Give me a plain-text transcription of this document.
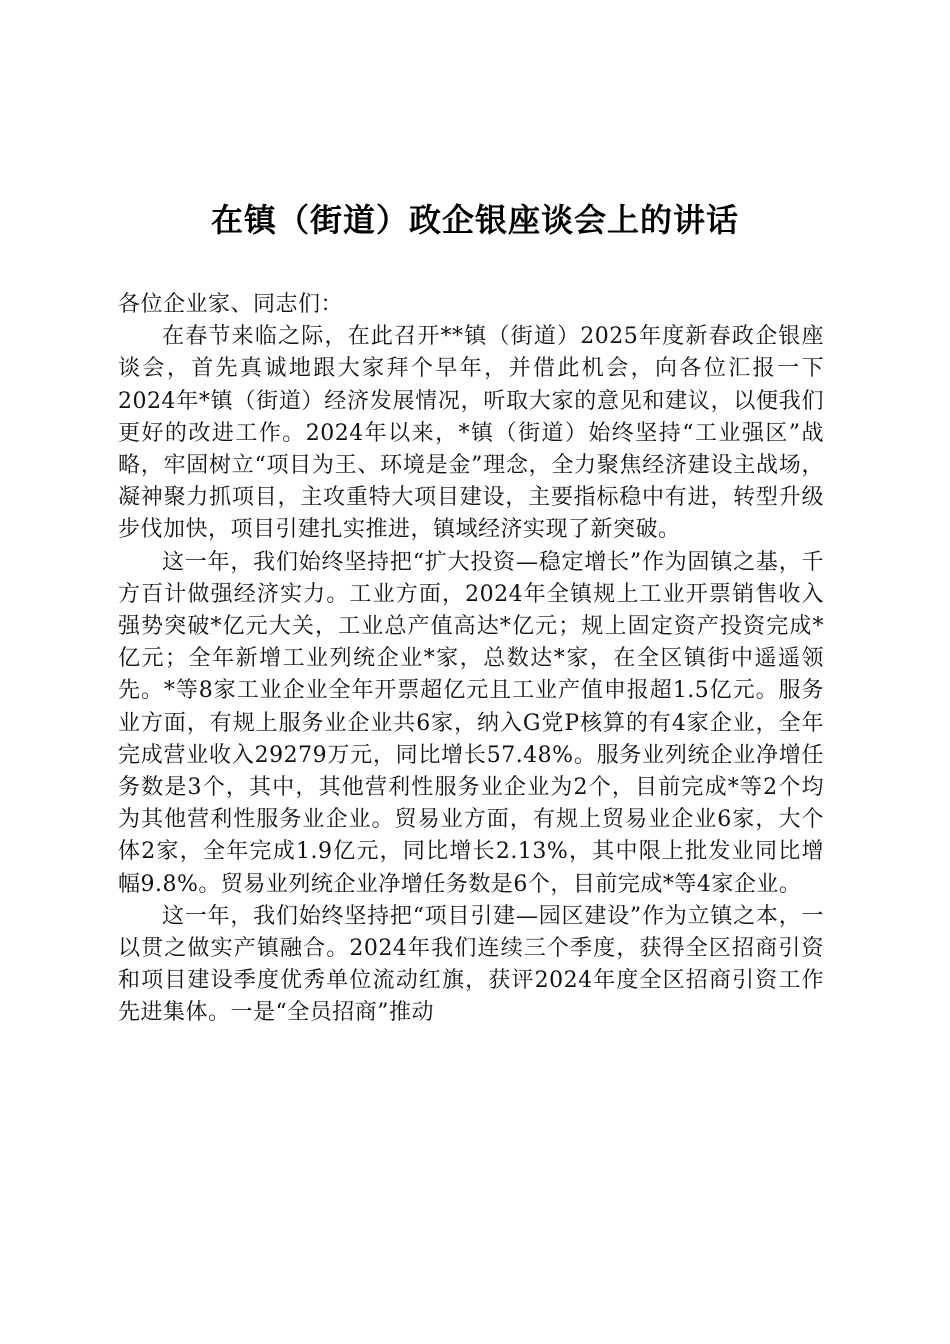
在镇（街道）政企银座谈会上的讲话

各位企业家、同志们：

在春节来临之际，在此召开**镇（街道）2025年度新春政企银座谈会，首先真诚地跟大家拜个早年，并借此机会，向各位汇报一下2024年*镇（街道）经济发展情况，听取大家的意见和建议，以便我们更好的改进工作。2024年以来，*镇（街道）始终坚持“工业强区”战略，牢固树立“项目为王、环境是金”理念，全力聚焦经济建设主战场，凝神聚力抓项目，主攻重特大项目建设，主要指标稳中有进，转型升级步伐加快，项目引建扎实推进，镇域经济实现了新突破。

这一年，我们始终坚持把“扩大投资—稳定增长”作为固镇之基，千方百计做强经济实力。工业方面，2024年全镇规上工业开票销售收入强势突破*亿元大关，工业总产值高达*亿元；规上固定资产投资完成*亿元；全年新增工业列统企业*家，总数达*家，在全区镇街中遥遥领先。*等8家工业企业全年开票超亿元且工业产值申报超1.5亿元。服务业方面，有规上服务业企业共6家，纳入G党P核算的有4家企业，全年完成营业收入29279万元，同比增长57.48%。服务业列统企业净增任务数是3个，其中，其他营利性服务业企业为2个，目前完成*等2个均为其他营利性服务业企业。贸易业方面，有规上贸易业企业6家，大个体2家，全年完成1.9亿元，同比增长2.13%，其中限上批发业同比增幅9.8%。贸易业列统企业净增任务数是6个，目前完成*等4家企业。

这一年，我们始终坚持把“项目引建—园区建设”作为立镇之本，一以贯之做实产镇融合。2024年我们连续三个季度，获得全区招商引资和项目建设季度优秀单位流动红旗，获评2024年度全区招商引资工作先进集体。一是“全员招商”推动
